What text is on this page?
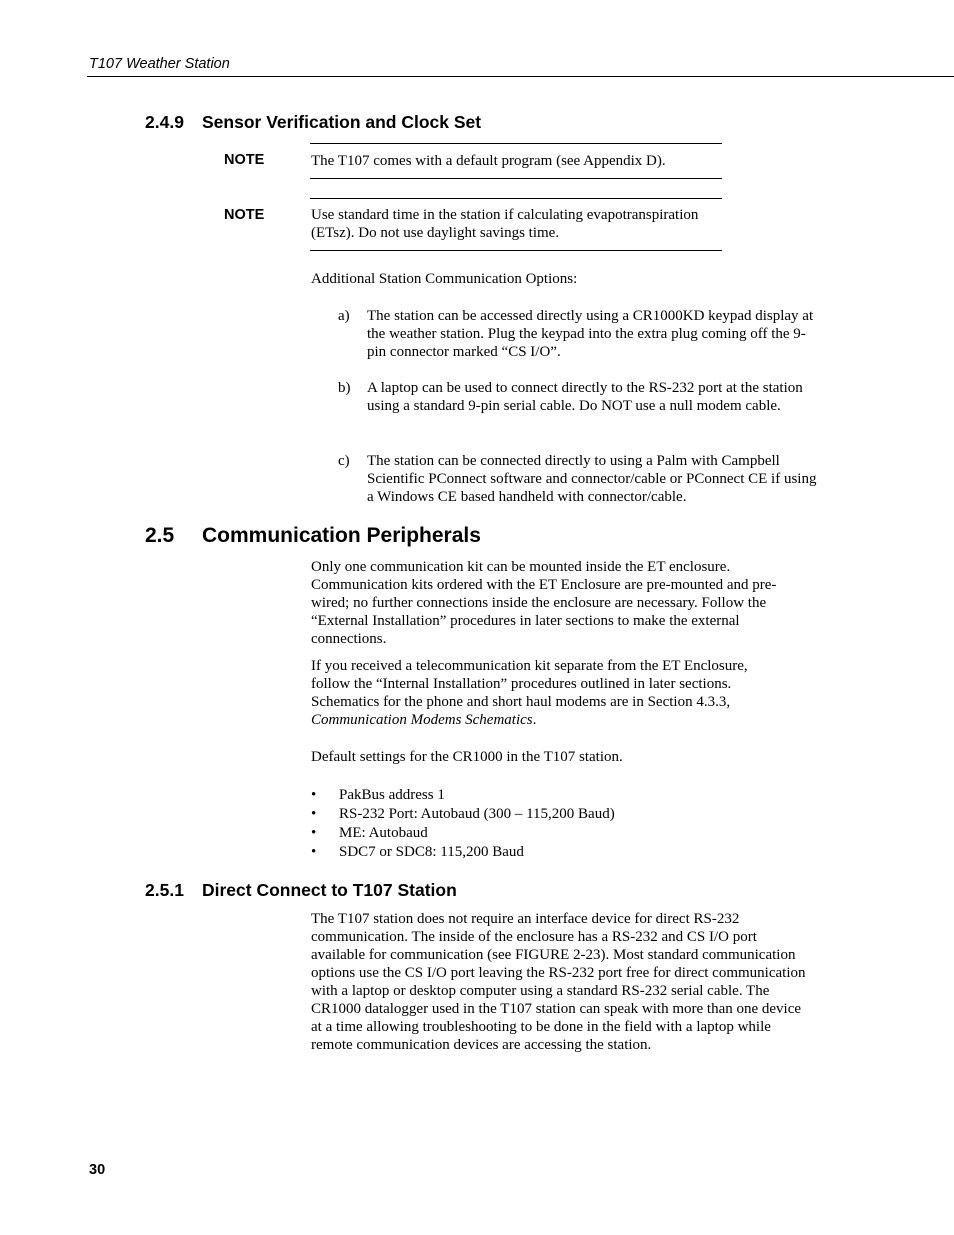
T107 Weather Station
2.4.9 Sensor Verification and Clock Set
NOTE	The T107 comes with a default program (see Appendix D).
NOTE	Use standard time in the station if calculating evapotranspiration (ETsz). Do not use daylight savings time.
Additional Station Communication Options:
a) The station can be accessed directly using a CR1000KD keypad display at the weather station. Plug the keypad into the extra plug coming off the 9-pin connector marked “CS I/O”.
b) A laptop can be used to connect directly to the RS-232 port at the station using a standard 9-pin serial cable. Do NOT use a null modem cable.
c) The station can be connected directly to using a Palm with Campbell Scientific PConnect software and connector/cable or PConnect CE if using a Windows CE based handheld with connector/cable.
2.5 Communication Peripherals
Only one communication kit can be mounted inside the ET enclosure. Communication kits ordered with the ET Enclosure are pre-mounted and pre-wired; no further connections inside the enclosure are necessary. Follow the “External Installation” procedures in later sections to make the external connections.

If you received a telecommunication kit separate from the ET Enclosure, follow the “Internal Installation” procedures outlined in later sections. Schematics for the phone and short haul modems are in Section 4.3.3, Communication Modems Schematics.

Default settings for the CR1000 in the T107 station.
• PakBus address 1
• RS-232 Port: Autobaud (300 – 115,200 Baud)
• ME: Autobaud
• SDC7 or SDC8: 115,200 Baud
2.5.1 Direct Connect to T107 Station
The T107 station does not require an interface device for direct RS-232 communication. The inside of the enclosure has a RS-232 and CS I/O port available for communication (see FIGURE 2-23). Most standard communication options use the CS I/O port leaving the RS-232 port free for direct communication with a laptop or desktop computer using a standard RS-232 serial cable. The CR1000 datalogger used in the T107 station can speak with more than one device at a time allowing troubleshooting to be done in the field with a laptop while remote communication devices are accessing the station.
30
